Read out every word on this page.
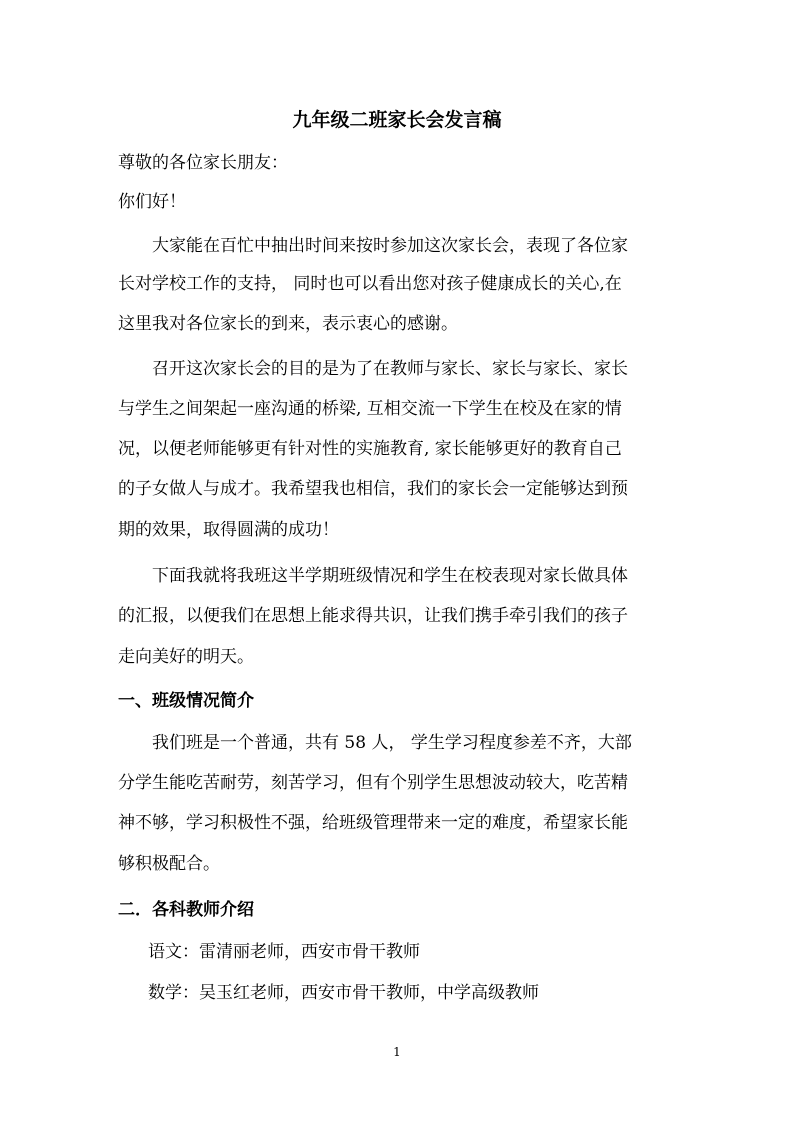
九年级二班家长会发言稿
尊敬的各位家长朋友：
你们好！
大家能在百忙中抽出时间来按时参加这次家长会，表现了各位家
长对学校工作的支持， 同时也可以看出您对孩子健康成长的关心,在
这里我对各位家长的到来，表示衷心的感谢。
召开这次家长会的目的是为了在教师与家长、家长与家长、家长
与学生之间架起一座沟通的桥梁, 互相交流一下学生在校及在家的情
况，以便老师能够更有针对性的实施教育, 家长能够更好的教育自己
的子女做人与成才。我希望我也相信，我们的家长会一定能够达到预
期的效果，取得圆满的成功！
下面我就将我班这半学期班级情况和学生在校表现对家长做具体
的汇报，以便我们在思想上能求得共识，让我们携手牵引我们的孩子
走向美好的明天。
一、班级情况简介
我们班是一个普通，共有 58 人， 学生学习程度参差不齐，大部
分学生能吃苦耐劳，刻苦学习，但有个别学生思想波动较大，吃苦精
神不够，学习积极性不强，给班级管理带来一定的难度，希望家长能
够积极配合。
二．各科教师介绍
语文：雷清丽老师，西安市骨干教师
数学：吴玉红老师，西安市骨干教师，中学高级教师
1
